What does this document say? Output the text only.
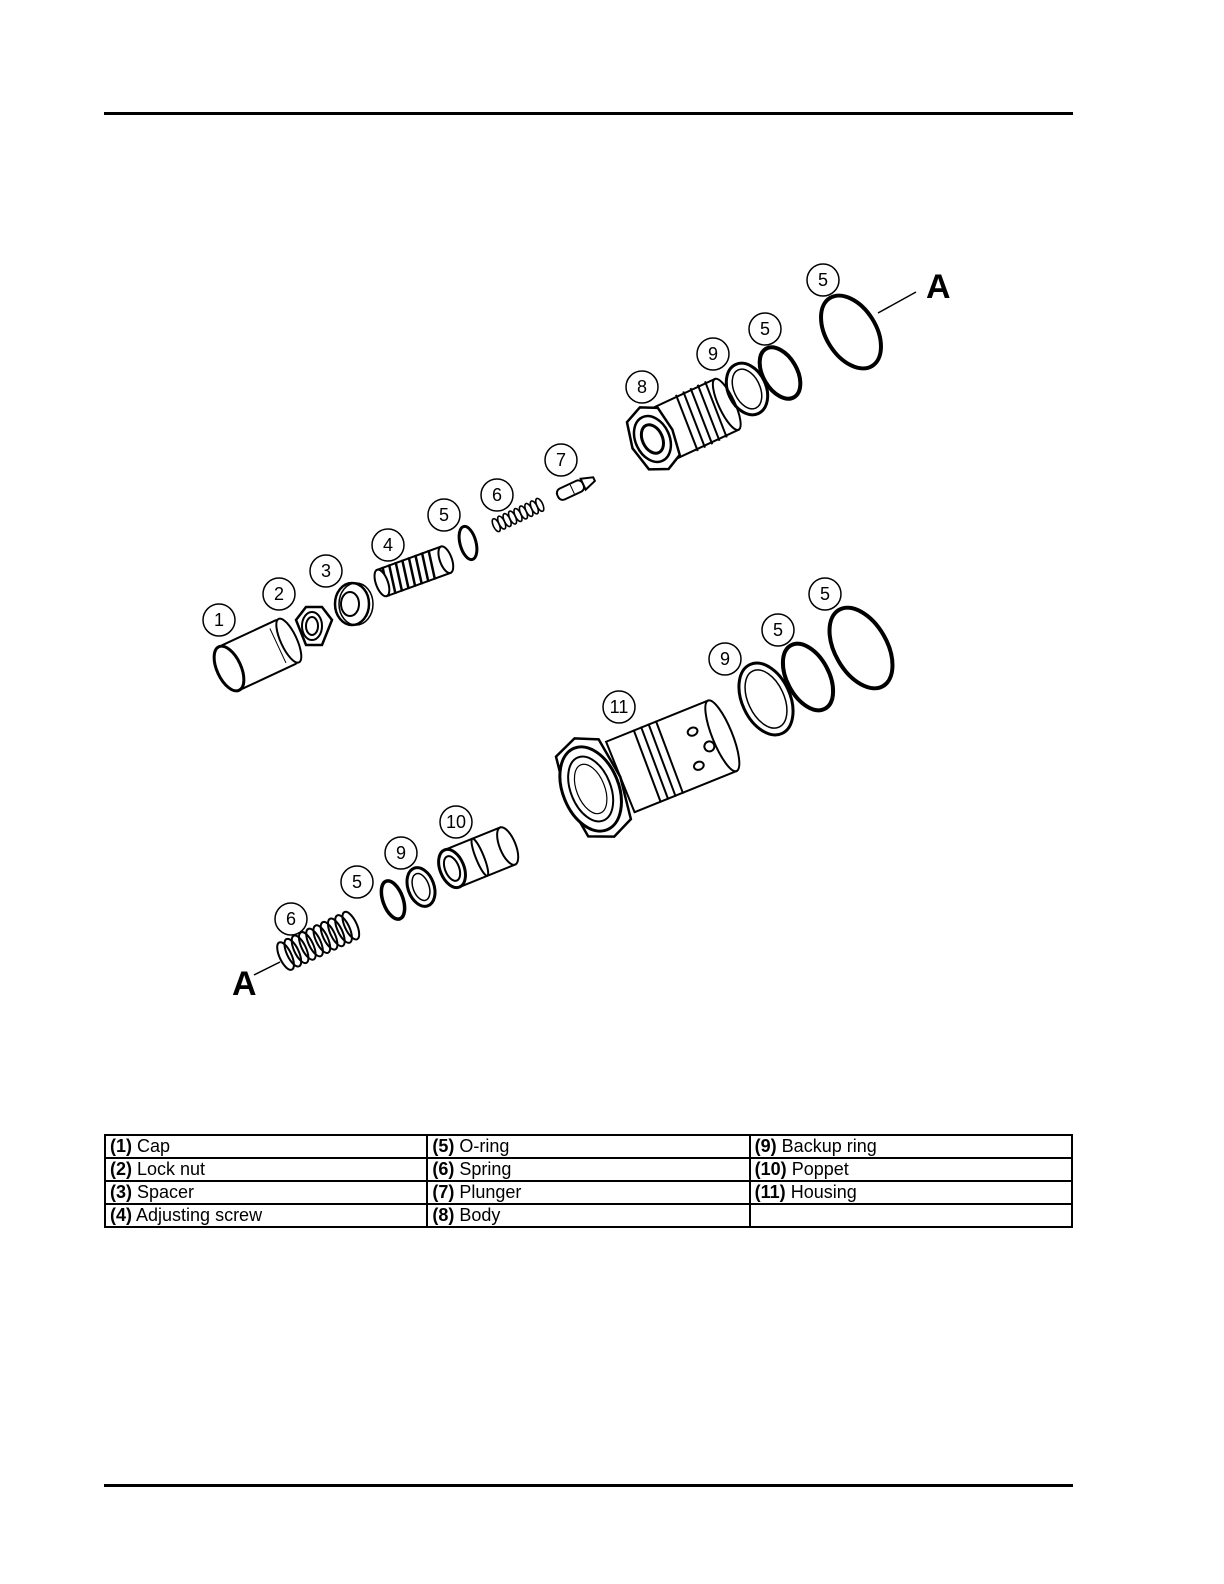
1
2
3
4
5
6
7
8
9
5
5
11
9
5
5
10
9
5
6
A
A
(1) Cap	(5) O-ring	(9) Backup ring
(2) Lock nut	(6) Spring	(10) Poppet
(3) Spacer	(7) Plunger	(11) Housing
(4) Adjusting screw	(8) Body	
